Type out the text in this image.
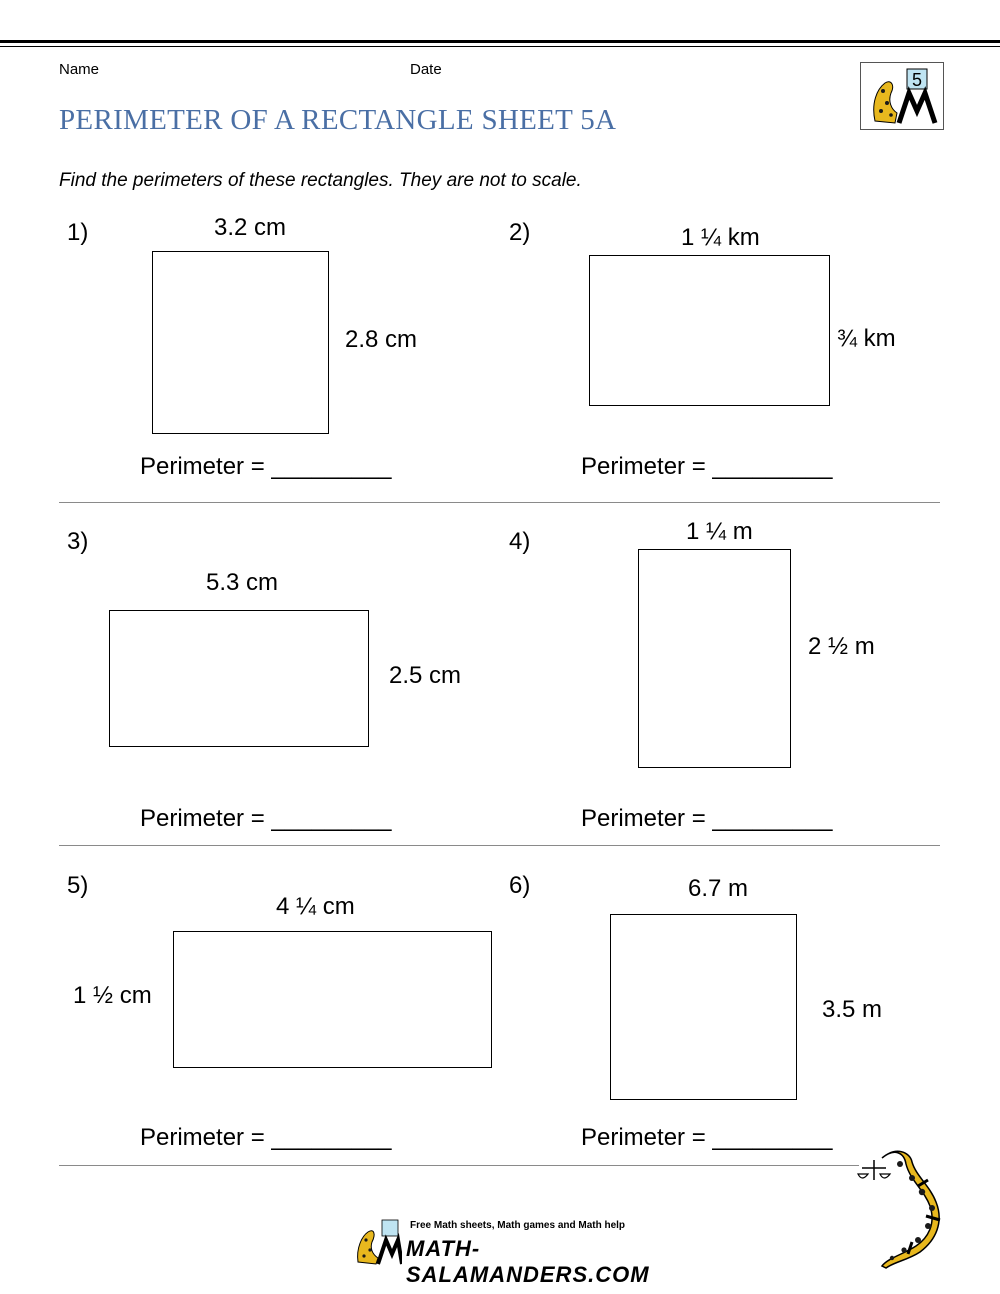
Name	Date
5
PERIMETER OF A RECTANGLE SHEET 5A
Find the perimeters of these rectangles. They are not to scale.
1)	3.2 cm
2.8 cm
Perimeter = _________
2)	1 ¼ km
¾ km
Perimeter = _________
3)
5.3 cm
2.5 cm
Perimeter = _________
4)	1 ¼ m
2 ½ m
Perimeter = _________
5)
4 ¼ cm
1 ½ cm
Perimeter = _________
6)	6.7 m
3.5 m
Perimeter = _________
Free Math sheets, Math games and Math help
MATH-SALAMANDERS.COM
